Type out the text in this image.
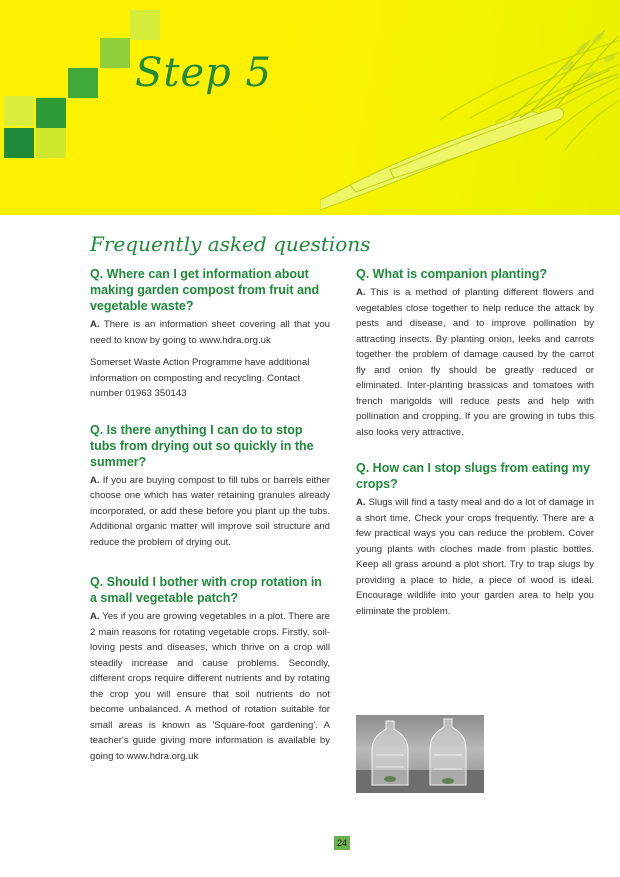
Step 5
Frequently asked questions

Q. Where can I get information about making garden compost from fruit and vegetable waste?

A. There is an information sheet covering all that you need to know by going to www.hdra.org.uk

Somerset Waste Action Programme have additional information on composting and recycling. Contact number 01963 350143

Q. Is there anything I can do to stop tubs from drying out so quickly in the summer?

A. If you are buying compost to fill tubs or barrels either choose one which has water retaining granules already incorporated, or add these before you plant up the tubs. Additional organic matter will improve soil structure and reduce the problem of drying out.

Q. Should I bother with crop rotation in a small vegetable patch?

A. Yes if you are growing vegetables in a plot. There are 2 main reasons for rotating vegetable crops. Firstly, soil-loving pests and diseases, which thrive on a crop will steadily increase and cause problems. Secondly, different crops require different nutrients and by rotating the crop you will ensure that soil nutrients do not become unbalanced. A method of rotation suitable for small areas is known as 'Square-foot gardening'. A teacher's guide giving more information is available by going to www.hdra.org.uk

Q. What is companion planting?

A. This is a method of planting different flowers and vegetables close together to help reduce the attack by pests and disease, and to improve pollination by attracting insects. By planting onion, leeks and carrots together the problem of damage caused by the carrot fly and onion fly should be greatly reduced or eliminated. Inter-planting brassicas and tomatoes with french marigolds will reduce pests and help with pollination and cropping. If you are growing in tubs this also looks very attractive.

Q. How can I stop slugs from eating my crops?

A. Slugs will find a tasty meal and do a lot of damage in a short time. Check your crops frequently. There are a few practical ways you can reduce the problem. Cover young plants with cloches made from plastic bottles. Keep all grass around a plot short. Try to trap slugs by providing a place to hide, a piece of wood is ideal. Encourage wildlife into your garden area to help you eliminate the problem.

24
